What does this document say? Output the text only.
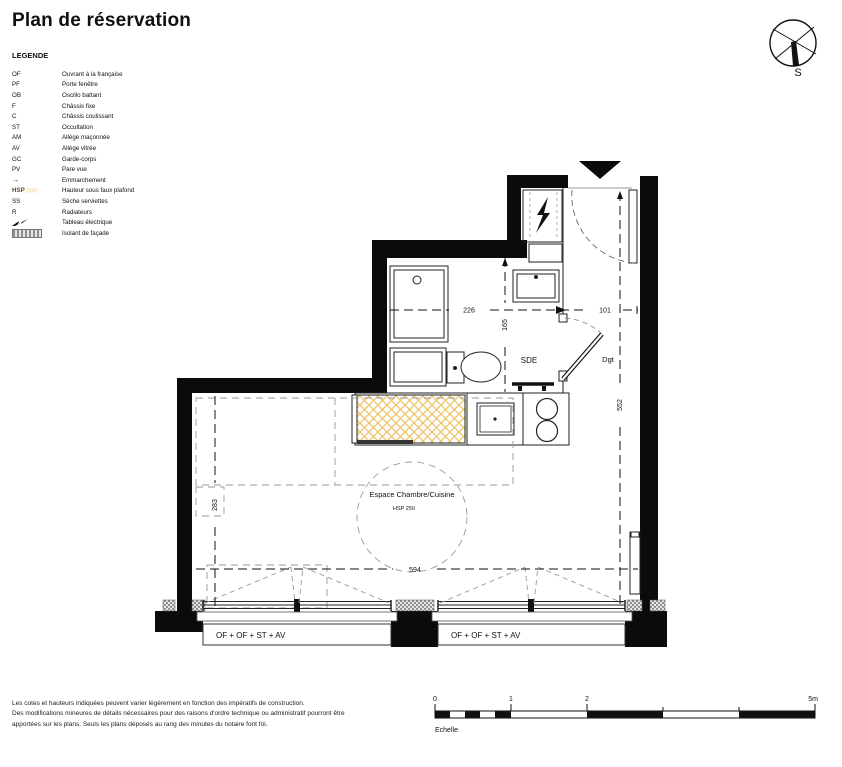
Plan de réservation
LEGENDE
OF	Ouvrant à la française
PF	Porte fenêtre
OB	Oscillo battant
F	Châssis fixe
C	Châssis coulissant
ST	Occultation
AM	Allège maçonnée
AV	Allège vitrée
GC	Garde-corps
PV	Pare vue
→	Emmarchement
HSP ◇◇◇	Hauteur sous faux plafond
SS	Sèche serviettes
R	Radiateurs
Tableau électrique
Isolant de façade
S
OF + OF + ST + AV	OF + OF + ST + AV
226	101
165
552
283
594
SDE	Dgt
Espace Chambre/Cuisine
HSP 250
0	1	2	5m
Echelle
Les cotes et hauteurs indiquées peuvent varier légèrement en fonction des impératifs de construction.
Des modifications mineures de détails nécessaires pour des raisons d'ordre technique ou administratif pourront être
apportées sur les plans. Seuls les plans déposés au rang des minutes du notaire font foi.
